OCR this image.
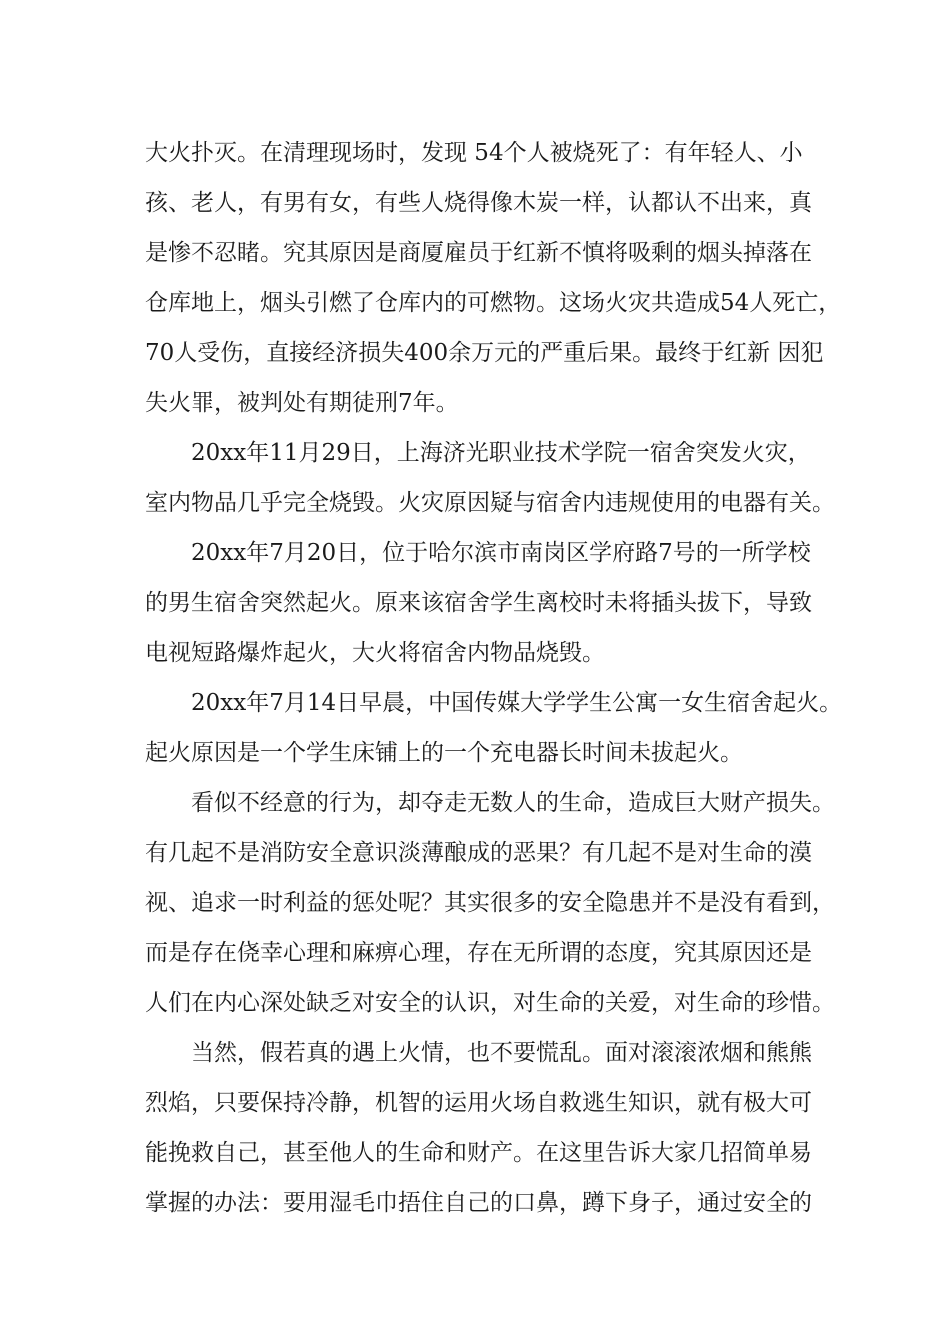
大火扑灭。在清理现场时，发现 54个人被烧死了：有年轻人、小
孩、老人，有男有女，有些人烧得像木炭一样，认都认不出来，真
是惨不忍睹。究其原因是商厦雇员于红新不慎将吸剩的烟头掉落在
仓库地上，烟头引燃了仓库内的可燃物。这场火灾共造成54人死亡，
70人受伤，直接经济损失400余万元的严重后果。最终于红新 因犯
失火罪，被判处有期徒刑7年。
20xx年11月29日，上海济光职业技术学院一宿舍突发火灾，
室内物品几乎完全烧毁。火灾原因疑与宿舍内违规使用的电器有关。
20xx年7月20日，位于哈尔滨市南岗区学府路7号的一所学校
的男生宿舍突然起火。原来该宿舍学生离校时未将插头拔下，导致
电视短路爆炸起火，大火将宿舍内物品烧毁。
20xx年7月14日早晨，中国传媒大学学生公寓一女生宿舍起火。
起火原因是一个学生床铺上的一个充电器长时间未拔起火。
看似不经意的行为，却夺走无数人的生命，造成巨大财产损失。
有几起不是消防安全意识淡薄酿成的恶果？有几起不是对生命的漠
视、追求一时利益的惩处呢？其实很多的安全隐患并不是没有看到，
而是存在侥幸心理和麻痹心理，存在无所谓的态度，究其原因还是
人们在内心深处缺乏对安全的认识，对生命的关爱，对生命的珍惜。
当然，假若真的遇上火情，也不要慌乱。面对滚滚浓烟和熊熊
烈焰，只要保持冷静，机智的运用火场自救逃生知识，就有极大可
能挽救自己，甚至他人的生命和财产。在这里告诉大家几招简单易
掌握的办法：要用湿毛巾捂住自己的口鼻，蹲下身子，通过安全的
